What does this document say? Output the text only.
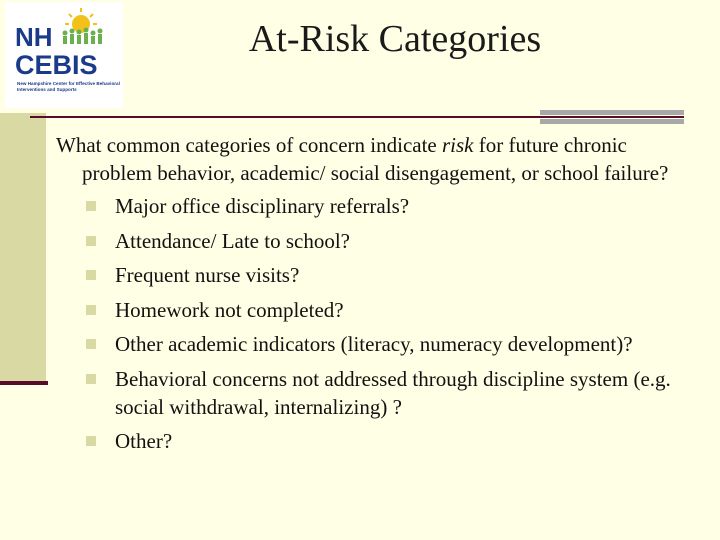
NH
CEBIS
New Hampshire Center for Effective Behavioral Interventions and Supports
At-Risk Categories

What common categories of concern indicate risk for future chronic problem behavior, academic/ social disengagement, or school failure?

Major office disciplinary referrals?
Attendance/ Late to school?
Frequent nurse visits?
Homework not completed?
Other academic indicators (literacy, numeracy development)?
Behavioral concerns not addressed through discipline system (e.g. social withdrawal, internalizing) ?
Other?
